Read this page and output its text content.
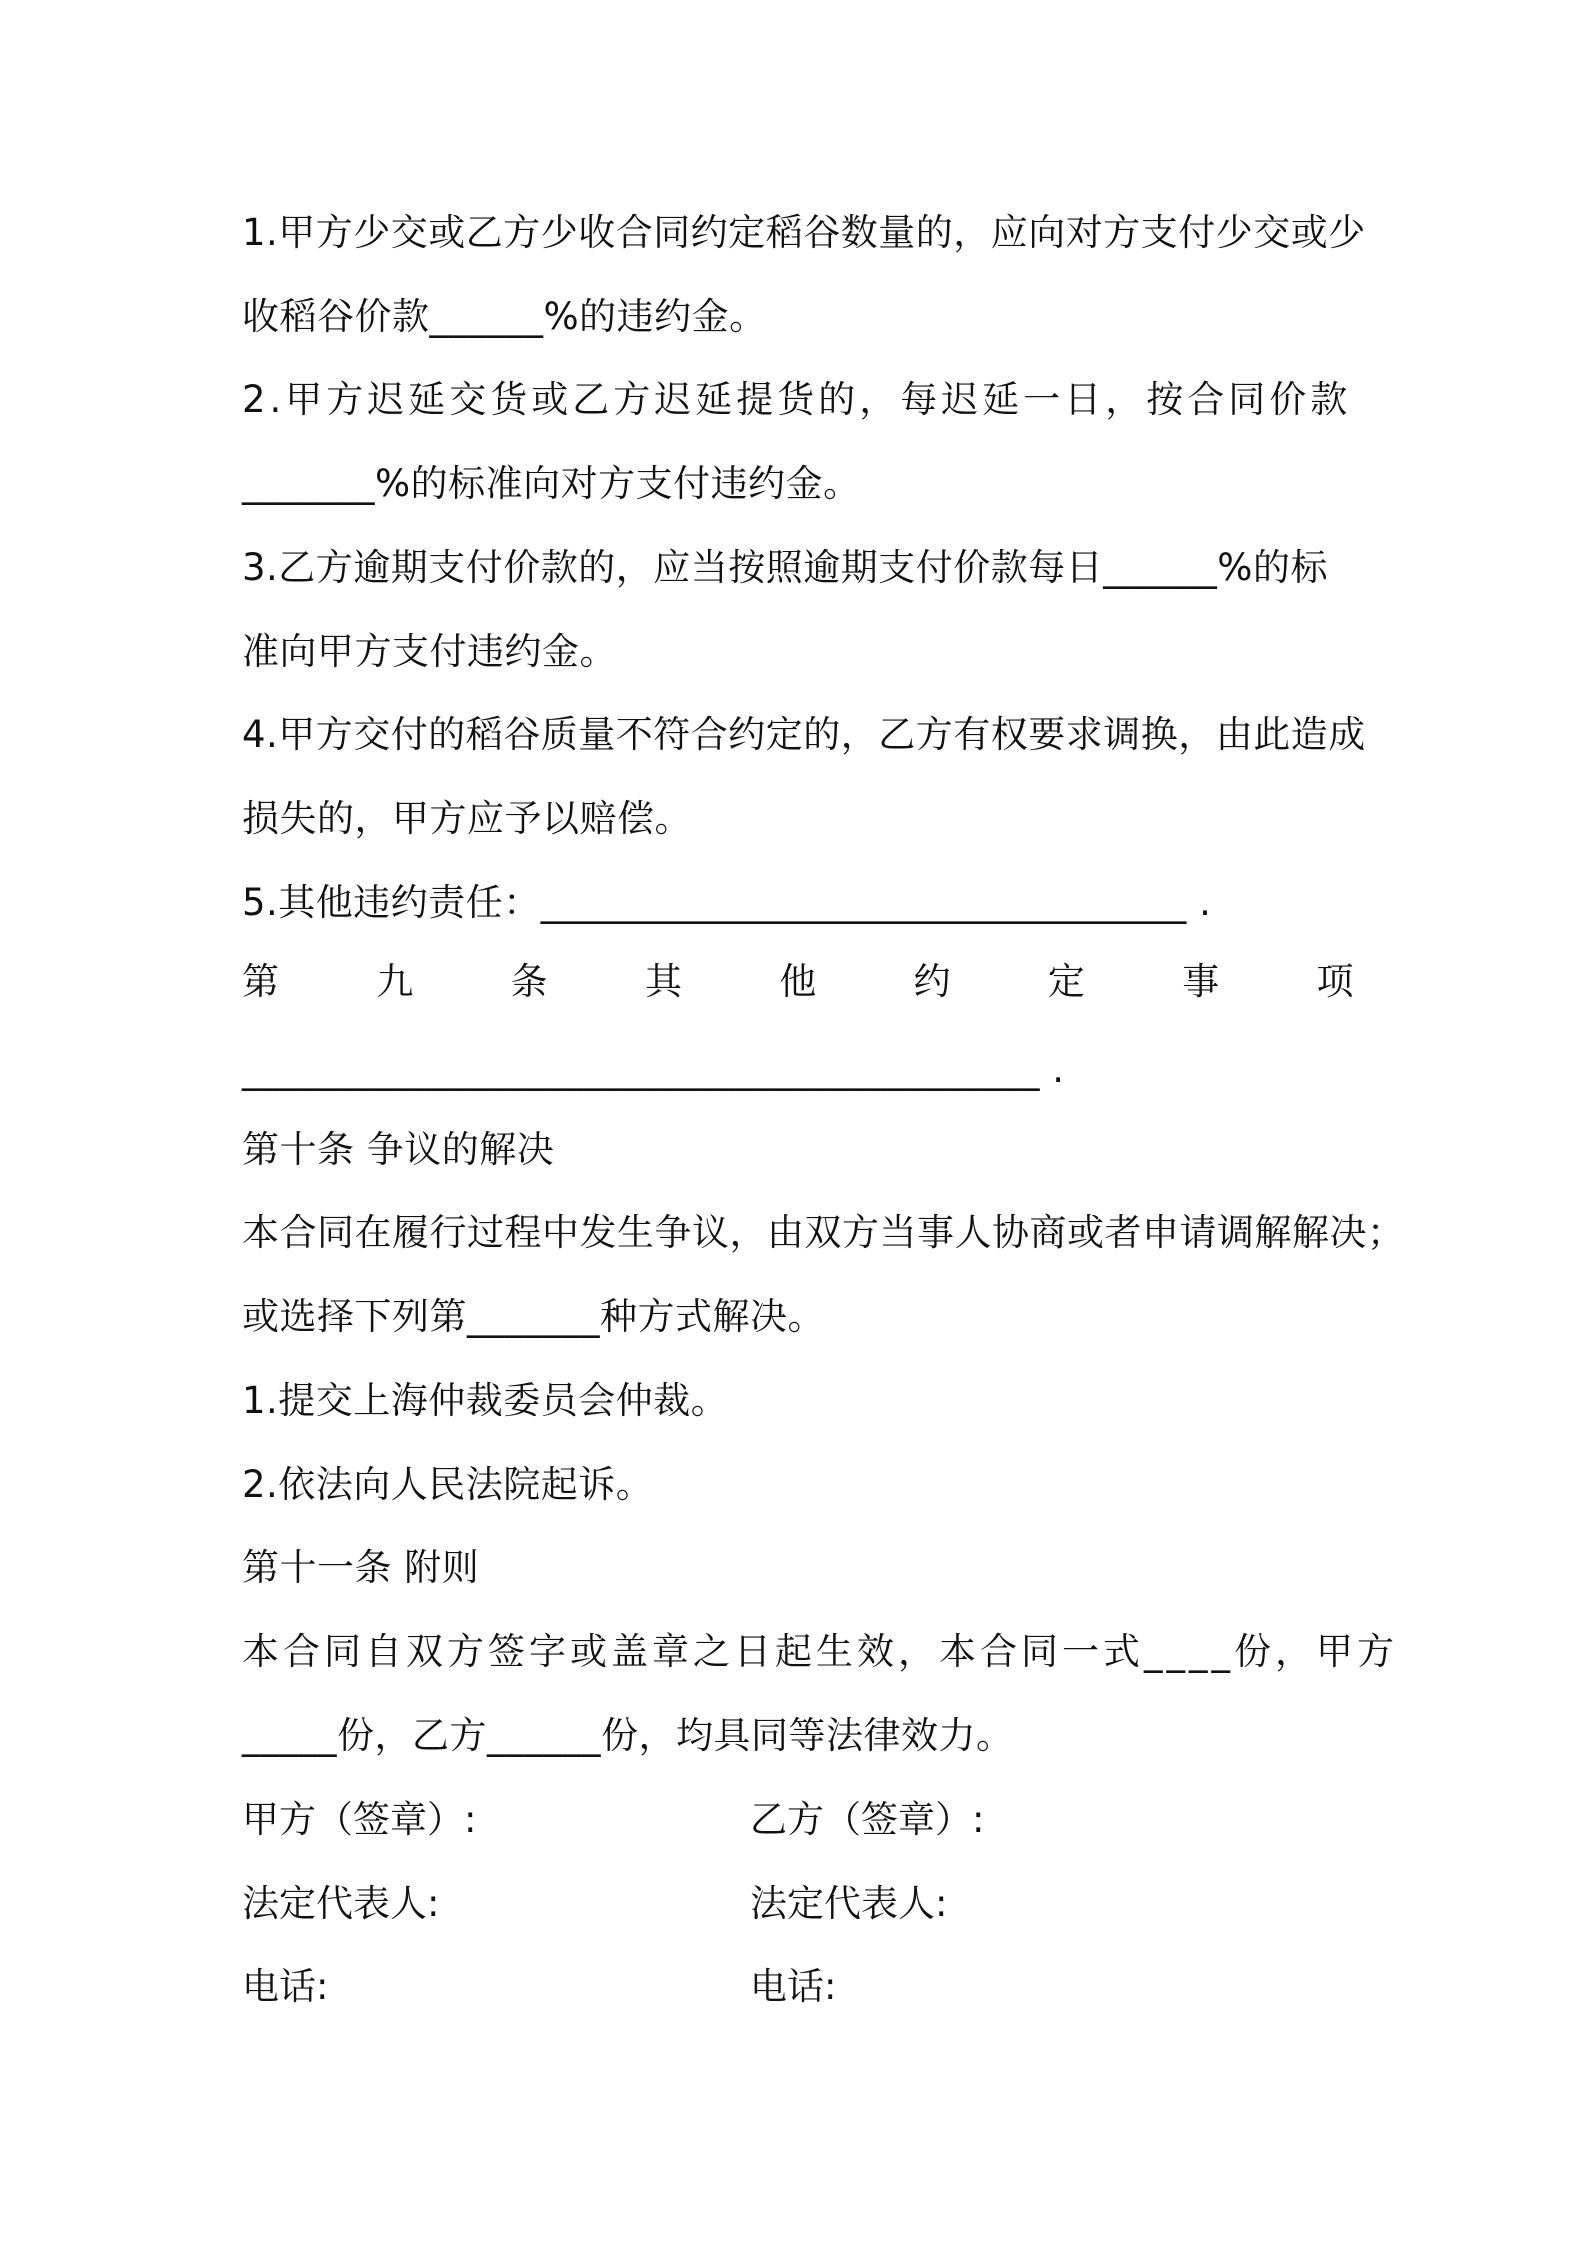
1.甲方少交或乙方少收合同约定稻谷数量的，应向对方支付少交或少
收稻谷价款______%的违约金。
2.甲方迟延交货或乙方迟延提货的，每迟延一日，按合同价款
_______%的标准向对方支付违约金。
3.乙方逾期支付价款的，应当按照逾期支付价款每日______%的标
准向甲方支付违约金。
4.甲方交付的稻谷质量不符合约定的，乙方有权要求调换，由此造成
损失的，甲方应予以赔偿。
5.其他违约责任：__________________________________ .
第	九	条	其	他	约	定	事	项
__________________________________________ .
第十条 争议的解决
本合同在履行过程中发生争议，由双方当事人协商或者申请调解解决；
或选择下列第_______种方式解决。
1.提交上海仲裁委员会仲裁。
2.依法向人民法院起诉。
第十一条 附则
本合同自双方签字或盖章之日起生效，本合同一式____份，甲方
_____份，乙方______份，均具同等法律效力。
甲方（签章）:	乙方（签章）:
法定代表人:	法定代表人:
电话:	电话:
